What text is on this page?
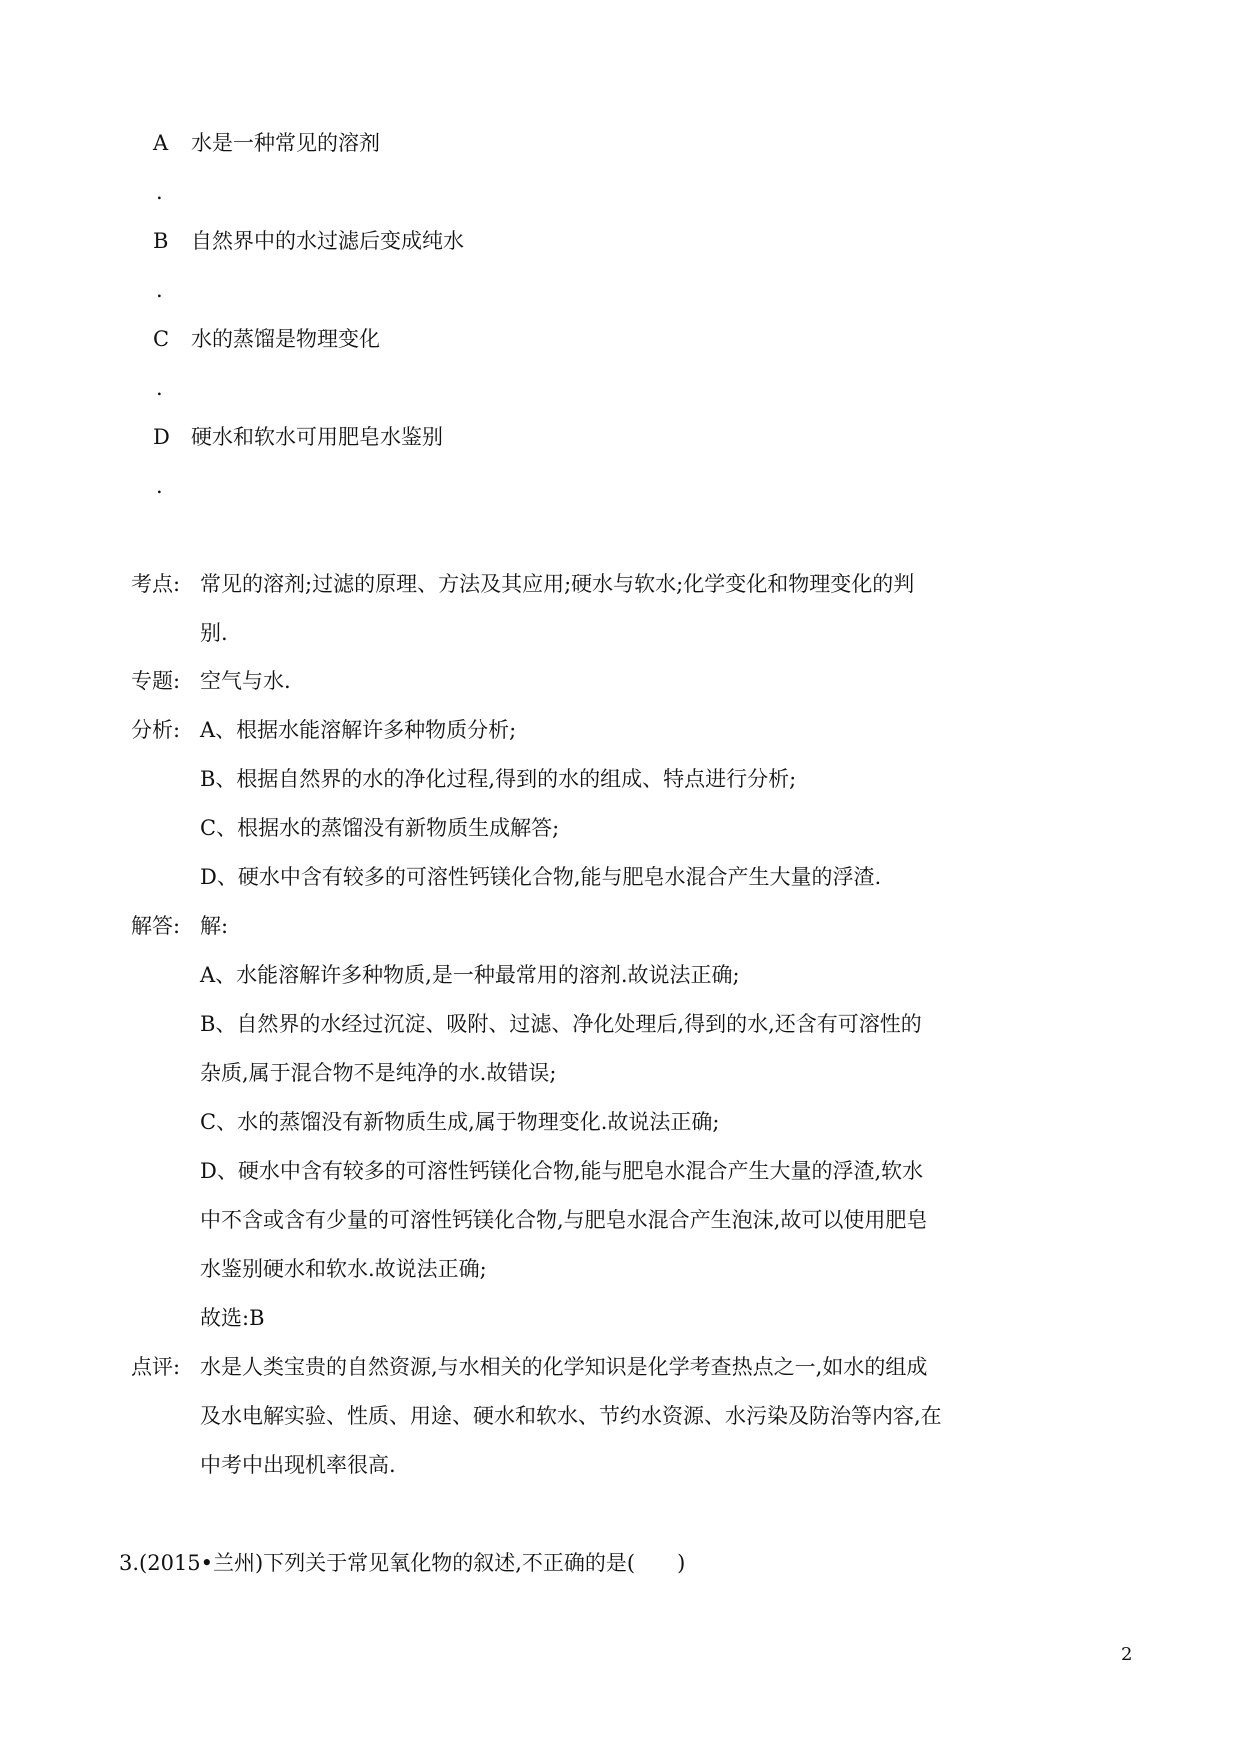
A 水是一种常见的溶剂
.
B 自然界中的水过滤后变成纯水
.
C 水的蒸馏是物理变化
.
D 硬水和软水可用肥皂水鉴别
.
考点: 常见的溶剂;过滤的原理、方法及其应用;硬水与软水;化学变化和物理变化的判
别.
专题: 空气与水.
分析: A、根据水能溶解许多种物质分析;
B、根据自然界的水的净化过程,得到的水的组成、特点进行分析;
C、根据水的蒸馏没有新物质生成解答;
D、硬水中含有较多的可溶性钙镁化合物,能与肥皂水混合产生大量的浮渣.
解答: 解:
A、水能溶解许多种物质,是一种最常用的溶剂.故说法正确;
B、自然界的水经过沉淀、吸附、过滤、净化处理后,得到的水,还含有可溶性的
杂质,属于混合物不是纯净的水.故错误;
C、水的蒸馏没有新物质生成,属于物理变化.故说法正确;
D、硬水中含有较多的可溶性钙镁化合物,能与肥皂水混合产生大量的浮渣,软水
中不含或含有少量的可溶性钙镁化合物,与肥皂水混合产生泡沫,故可以使用肥皂
水鉴别硬水和软水.故说法正确;
故选:B
点评: 水是人类宝贵的自然资源,与水相关的化学知识是化学考查热点之一,如水的组成
及水电解实验、性质、用途、硬水和软水、节约水资源、水污染及防治等内容,在
中考中出现机率很高.
3.(2015•兰州)下列关于常见氧化物的叙述,不正确的是(　　)
2
